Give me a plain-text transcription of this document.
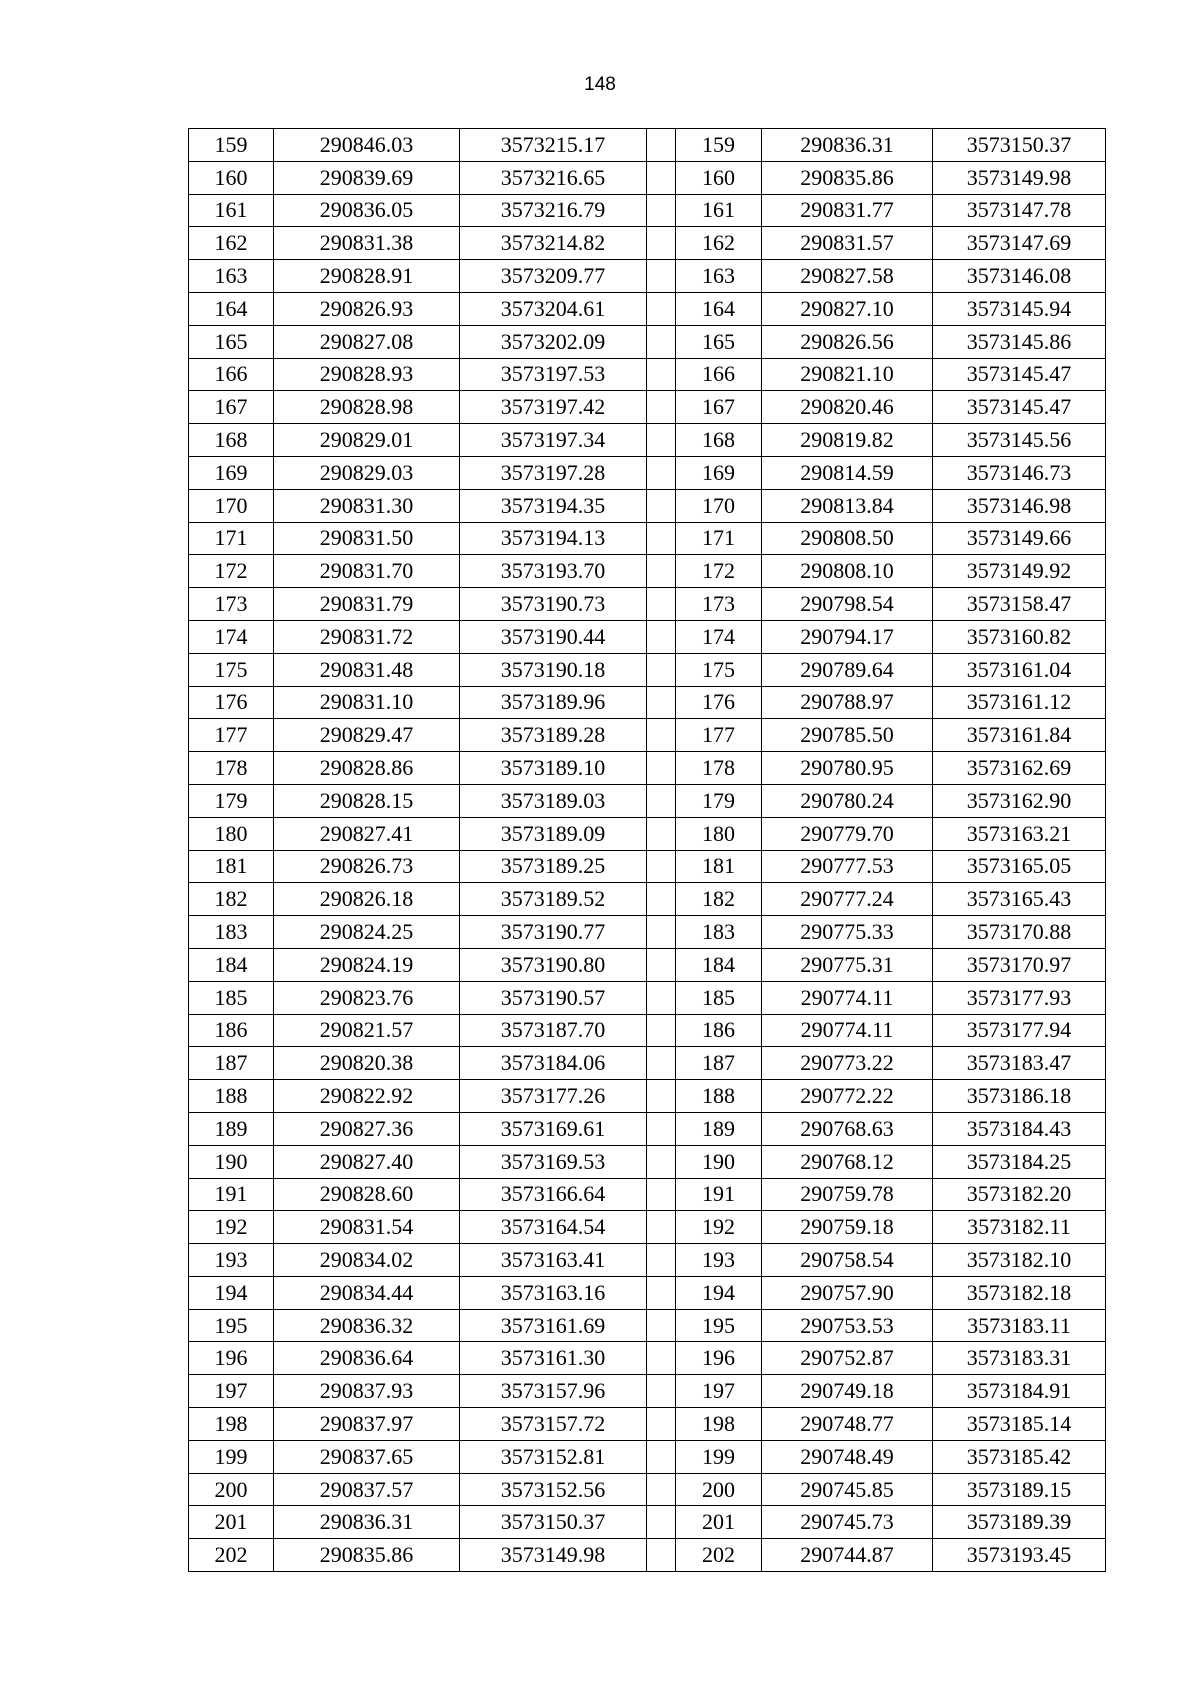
148
159	290846.03	3573215.17		159	290836.31	3573150.37
160	290839.69	3573216.65		160	290835.86	3573149.98
161	290836.05	3573216.79		161	290831.77	3573147.78
162	290831.38	3573214.82		162	290831.57	3573147.69
163	290828.91	3573209.77		163	290827.58	3573146.08
164	290826.93	3573204.61		164	290827.10	3573145.94
165	290827.08	3573202.09		165	290826.56	3573145.86
166	290828.93	3573197.53		166	290821.10	3573145.47
167	290828.98	3573197.42		167	290820.46	3573145.47
168	290829.01	3573197.34		168	290819.82	3573145.56
169	290829.03	3573197.28		169	290814.59	3573146.73
170	290831.30	3573194.35		170	290813.84	3573146.98
171	290831.50	3573194.13		171	290808.50	3573149.66
172	290831.70	3573193.70		172	290808.10	3573149.92
173	290831.79	3573190.73		173	290798.54	3573158.47
174	290831.72	3573190.44		174	290794.17	3573160.82
175	290831.48	3573190.18		175	290789.64	3573161.04
176	290831.10	3573189.96		176	290788.97	3573161.12
177	290829.47	3573189.28		177	290785.50	3573161.84
178	290828.86	3573189.10		178	290780.95	3573162.69
179	290828.15	3573189.03		179	290780.24	3573162.90
180	290827.41	3573189.09		180	290779.70	3573163.21
181	290826.73	3573189.25		181	290777.53	3573165.05
182	290826.18	3573189.52		182	290777.24	3573165.43
183	290824.25	3573190.77		183	290775.33	3573170.88
184	290824.19	3573190.80		184	290775.31	3573170.97
185	290823.76	3573190.57		185	290774.11	3573177.93
186	290821.57	3573187.70		186	290774.11	3573177.94
187	290820.38	3573184.06		187	290773.22	3573183.47
188	290822.92	3573177.26		188	290772.22	3573186.18
189	290827.36	3573169.61		189	290768.63	3573184.43
190	290827.40	3573169.53		190	290768.12	3573184.25
191	290828.60	3573166.64		191	290759.78	3573182.20
192	290831.54	3573164.54		192	290759.18	3573182.11
193	290834.02	3573163.41		193	290758.54	3573182.10
194	290834.44	3573163.16		194	290757.90	3573182.18
195	290836.32	3573161.69		195	290753.53	3573183.11
196	290836.64	3573161.30		196	290752.87	3573183.31
197	290837.93	3573157.96		197	290749.18	3573184.91
198	290837.97	3573157.72		198	290748.77	3573185.14
199	290837.65	3573152.81		199	290748.49	3573185.42
200	290837.57	3573152.56		200	290745.85	3573189.15
201	290836.31	3573150.37		201	290745.73	3573189.39
202	290835.86	3573149.98		202	290744.87	3573193.45
